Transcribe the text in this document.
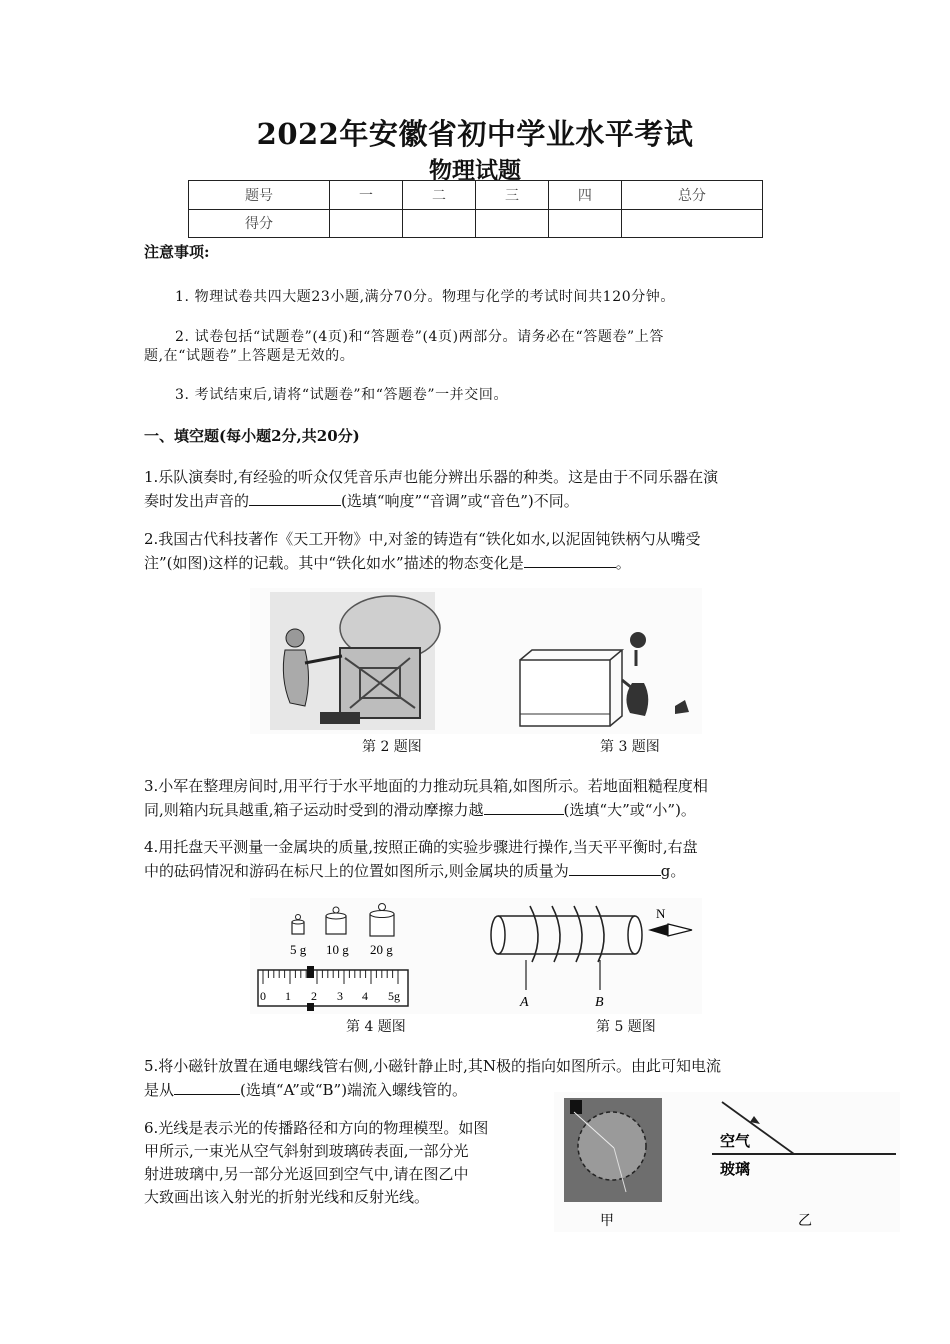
2022年安徽省初中学业水平考试
物理试题
题号	一	二	三	四	总分
得分					
注意事项:
1. 物理试卷共四大题23小题,满分70分。物理与化学的考试时间共120分钟。
2. 试卷包括“试题卷”(4页)和“答题卷”(4页)两部分。请务必在“答题卷”上答
题,在“试题卷”上答题是无效的。
3. 考试结束后,请将“试题卷”和“答题卷”一并交回。
一、填空题(每小题2分,共20分)
1.乐队演奏时,有经验的听众仅凭音乐声也能分辨出乐器的种类。这是由于不同乐器在演
奏时发出声音的	(选填“响度”“音调”或“音色”)不同。
2.我国古代科技著作《天工开物》中,对釜的铸造有“铁化如水,以泥固钝铁柄勺从嘴受
注”(如图)这样的记载。其中“铁化如水”描述的物态变化是	。
第 2 题图	第 3 题图
3.小军在整理房间时,用平行于水平地面的力推动玩具箱,如图所示。若地面粗糙程度相
同,则箱内玩具越重,箱子运动时受到的滑动摩擦力越	(选填“大”或“小”)。
4.用托盘天平测量一金属块的质量,按照正确的实验步骤进行操作,当天平平衡时,右盘
中的砝码情况和游码在标尺上的位置如图所示,则金属块的质量为	g。
5 g 10 g 20 g
0 1 2 3 4 5g	A	B
N
第 4 题图	第 5 题图
5.将小磁针放置在通电螺线管右侧,小磁针静止时,其N极的指向如图所示。由此可知电流
是从	(选填“A”或“B”)端流入螺线管的。
6.光线是表示光的传播路径和方向的物理模型。如图
甲所示,一束光从空气斜射到玻璃砖表面,一部分光
射进玻璃中,另一部分光返回到空气中,请在图乙中
大致画出该入射光的折射光线和反射光线。
甲
空气
玻璃
乙
